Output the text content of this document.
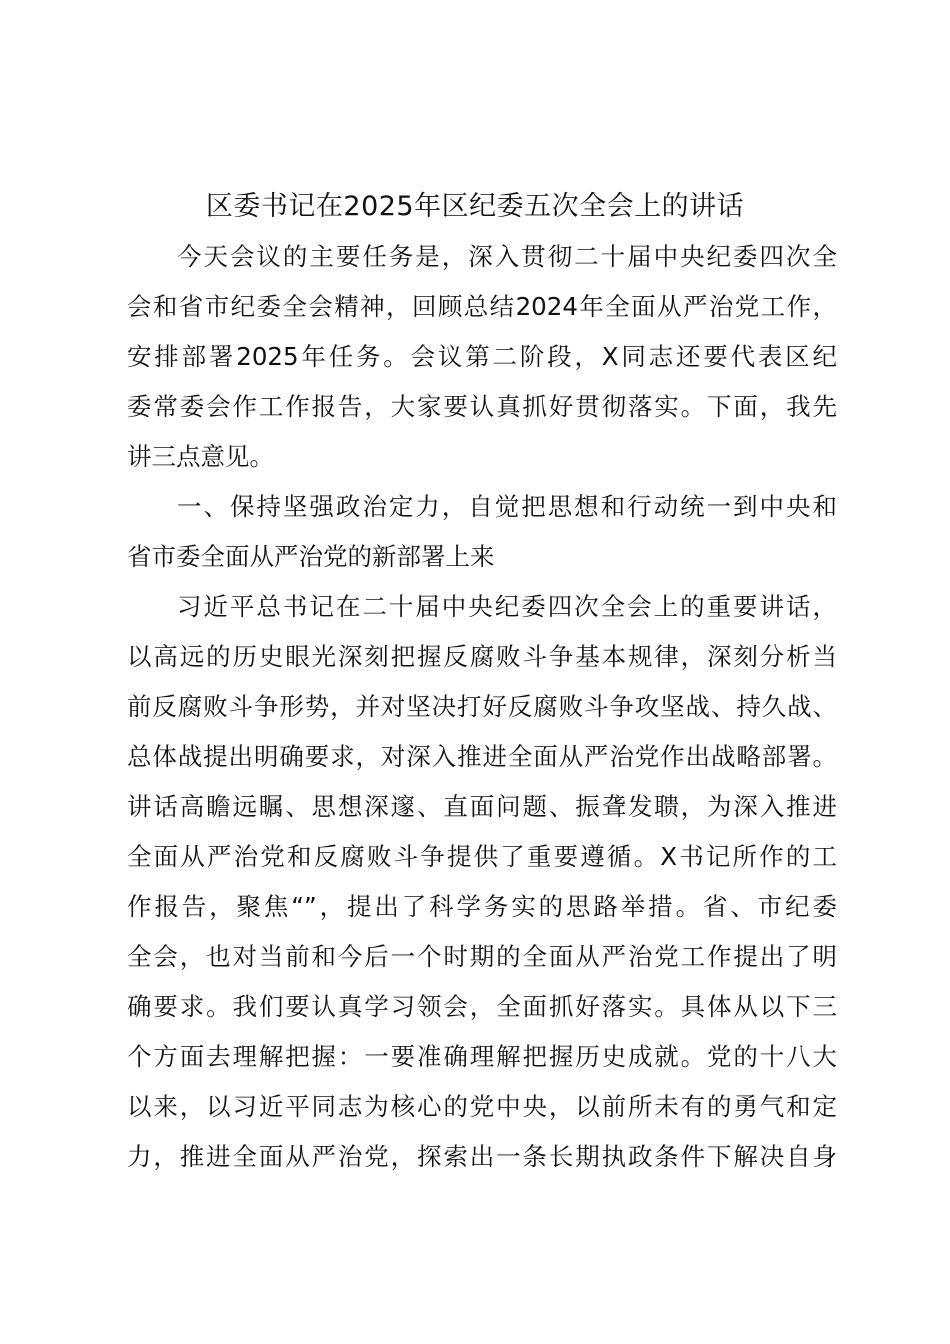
区委书记在2025年区纪委五次全会上的讲话
今天会议的主要任务是，深入贯彻二十届中央纪委四次全
会和省市纪委全会精神，回顾总结2024年全面从严治党工作，
安排部署2025年任务。会议第二阶段，X同志还要代表区纪
委常委会作工作报告，大家要认真抓好贯彻落实。下面，我先
讲三点意见。
一、保持坚强政治定力，自觉把思想和行动统一到中央和
省市委全面从严治党的新部署上来
习近平总书记在二十届中央纪委四次全会上的重要讲话，
以高远的历史眼光深刻把握反腐败斗争基本规律，深刻分析当
前反腐败斗争形势，并对坚决打好反腐败斗争攻坚战、持久战、
总体战提出明确要求，对深入推进全面从严治党作出战略部署。
讲话高瞻远瞩、思想深邃、直面问题、振聋发聩，为深入推进
全面从严治党和反腐败斗争提供了重要遵循。X书记所作的工
作报告，聚焦“”，提出了科学务实的思路举措。省、市纪委
全会，也对当前和今后一个时期的全面从严治党工作提出了明
确要求。我们要认真学习领会，全面抓好落实。具体从以下三
个方面去理解把握：一要准确理解把握历史成就。党的十八大
以来，以习近平同志为核心的党中央，以前所未有的勇气和定
力，推进全面从严治党，探索出一条长期执政条件下解决自身
